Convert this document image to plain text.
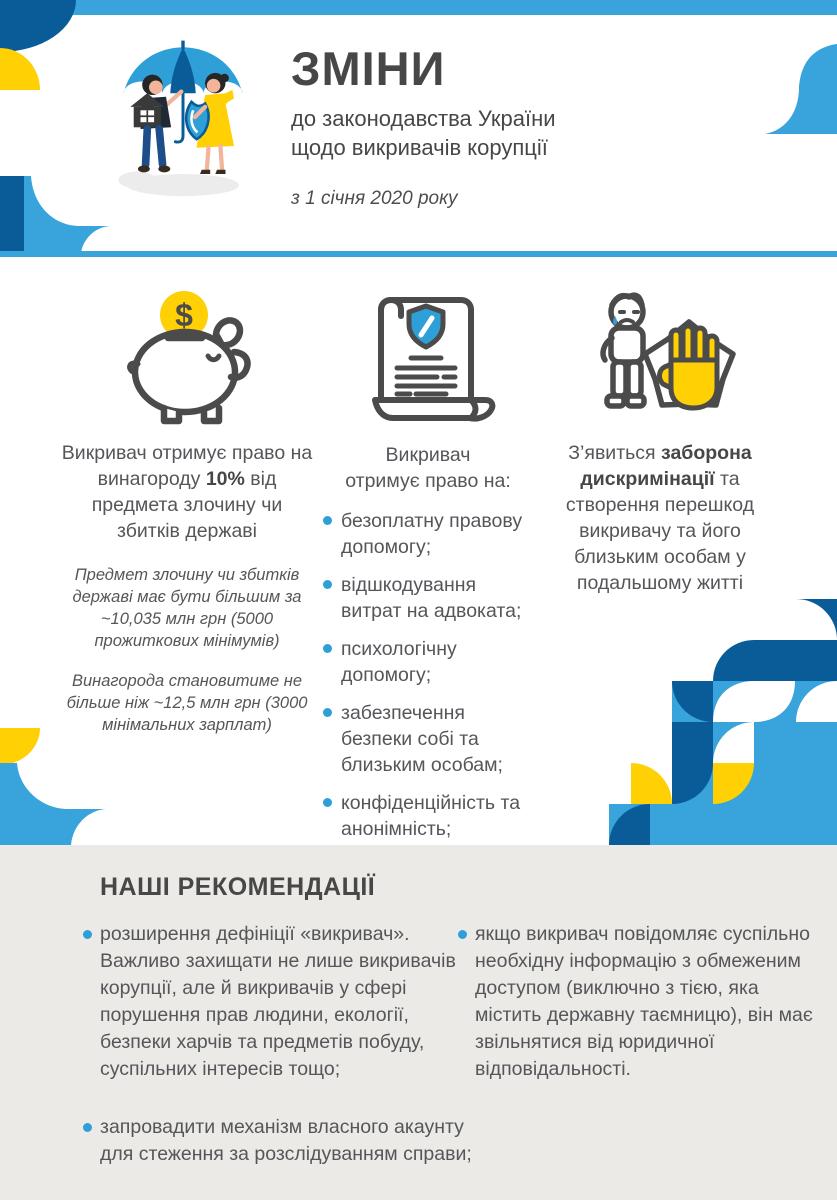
ЗМІНИ
до законодавства України
щодо викривачів корупції
з 1 січня 2020 року
$

Викривач отримує право на винагороду 10% від предмета злочину чи збитків державі

Предмет злочину чи збитків державі має бути більшим за ~10,035 млн грн (5000 прожиткових мінімумів)

Винагорода становитиме не більше ніж ~12,5 млн грн (3000 мінімальних зарплат)

Викривач
отримує право на:
безоплатну правову допомогу;
відшкодування витрат на адвоката;
психологічну допомогу;
забезпечення безпеки собі та близьким особам;
конфіденційність та анонімність;

З’явиться заборона дискримінації та створення перешкод викривачу та його близьким особам у подальшому житті

НАШІ РЕКОМЕНДАЦІЇ
розширення дефініції «викривач». Важливо захищати не лише викривачів корупції, але й викривачів у сфері порушення прав людини, екології, безпеки харчів та предметів побуду, суспільних інтересів тощо;
запровадити механізм власного акаунту для стеження за розслідуванням справи;
якщо викривач повідомляє суспільно необхідну інформацію з обмеженим доступом (виключно з тією, яка містить державну таємницю), він має звільнятися від юридичної відповідальності.
